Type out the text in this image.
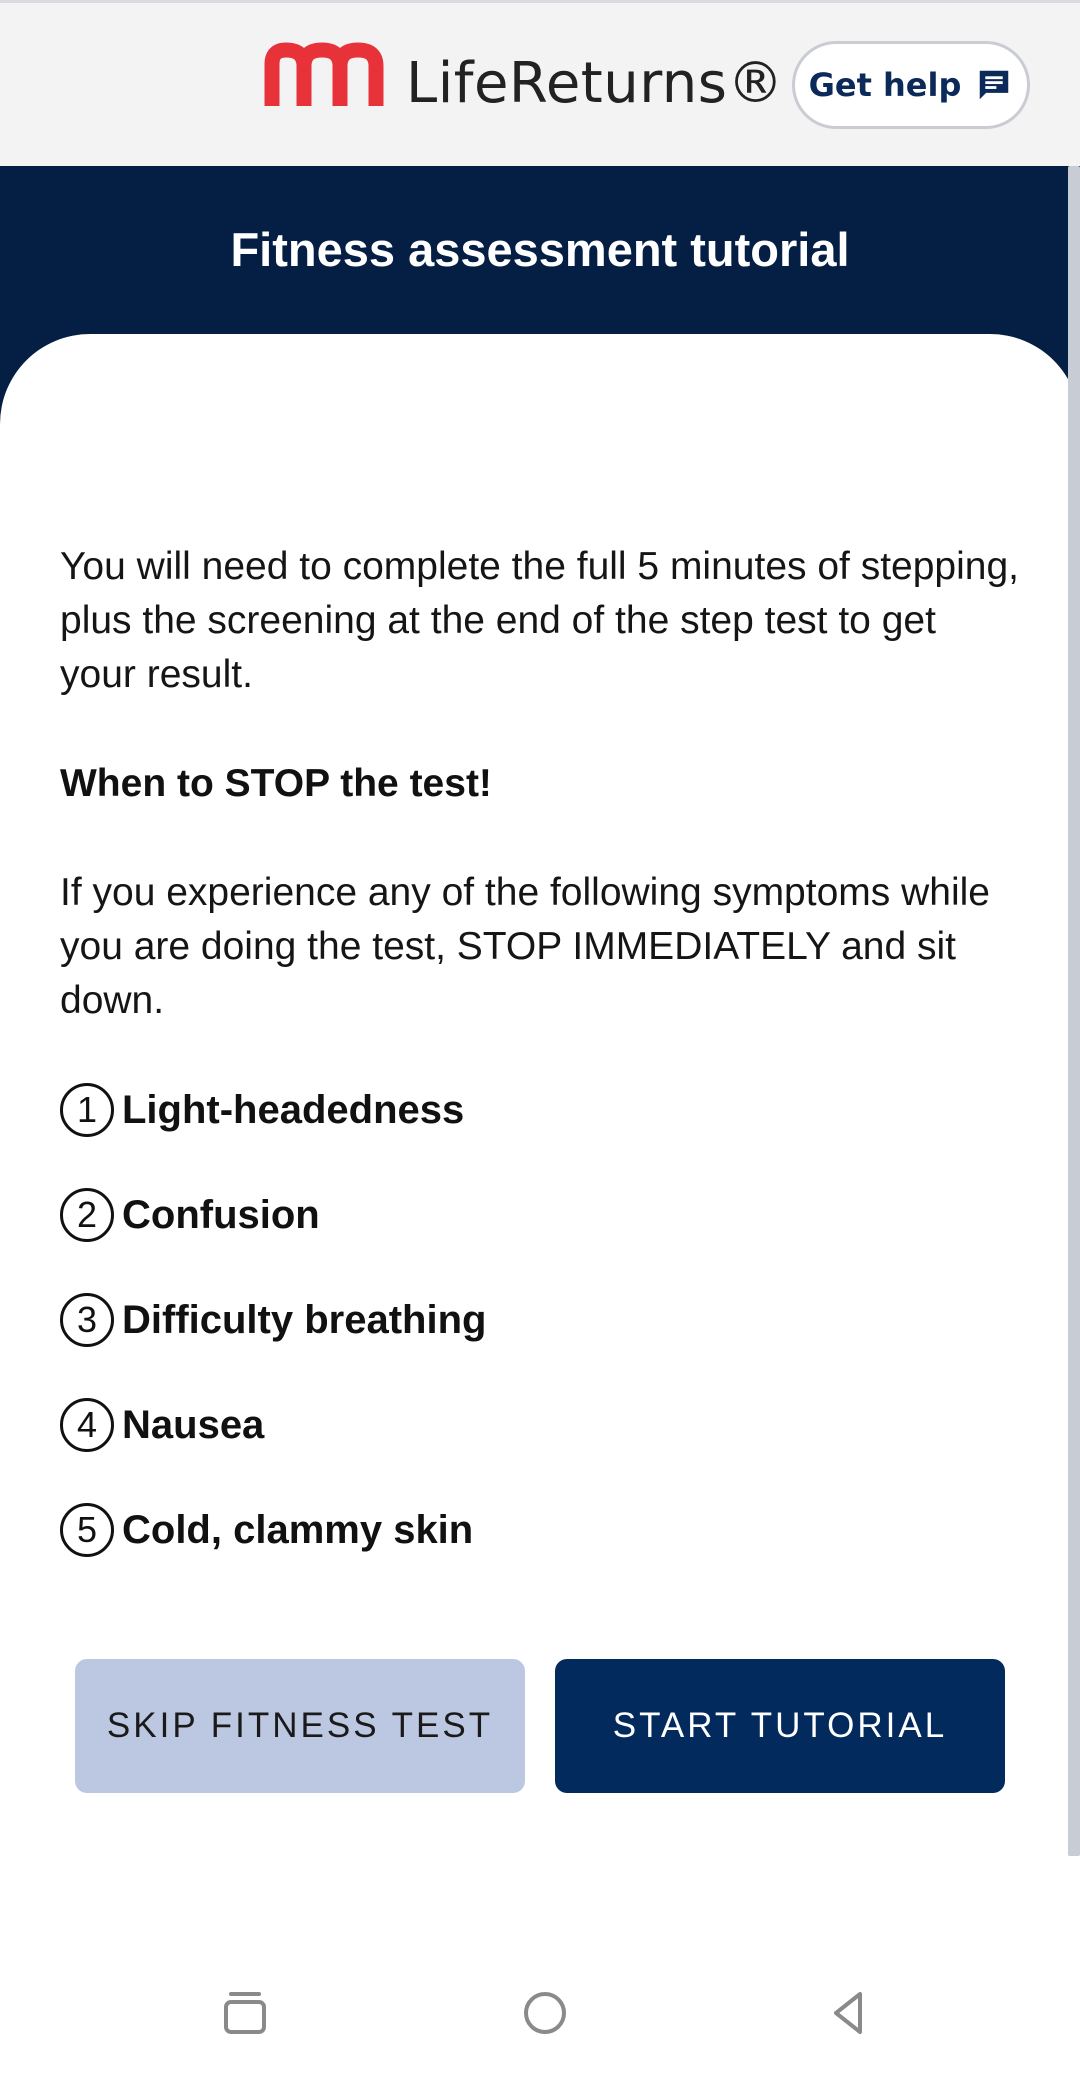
LifeReturns® Get help
Fitness assessment tutorial

You will need to complete the full 5 minutes of stepping, plus the screening at the end of the step test to get your result.

When to STOP the test!

If you experience any of the following symptoms while you are doing the test, STOP IMMEDIATELY and sit down.

1 Light-headedness
2 Confusion
3 Difficulty breathing
4 Nausea
5 Cold, clammy skin
SKIP FITNESS TEST	START TUTORIAL
